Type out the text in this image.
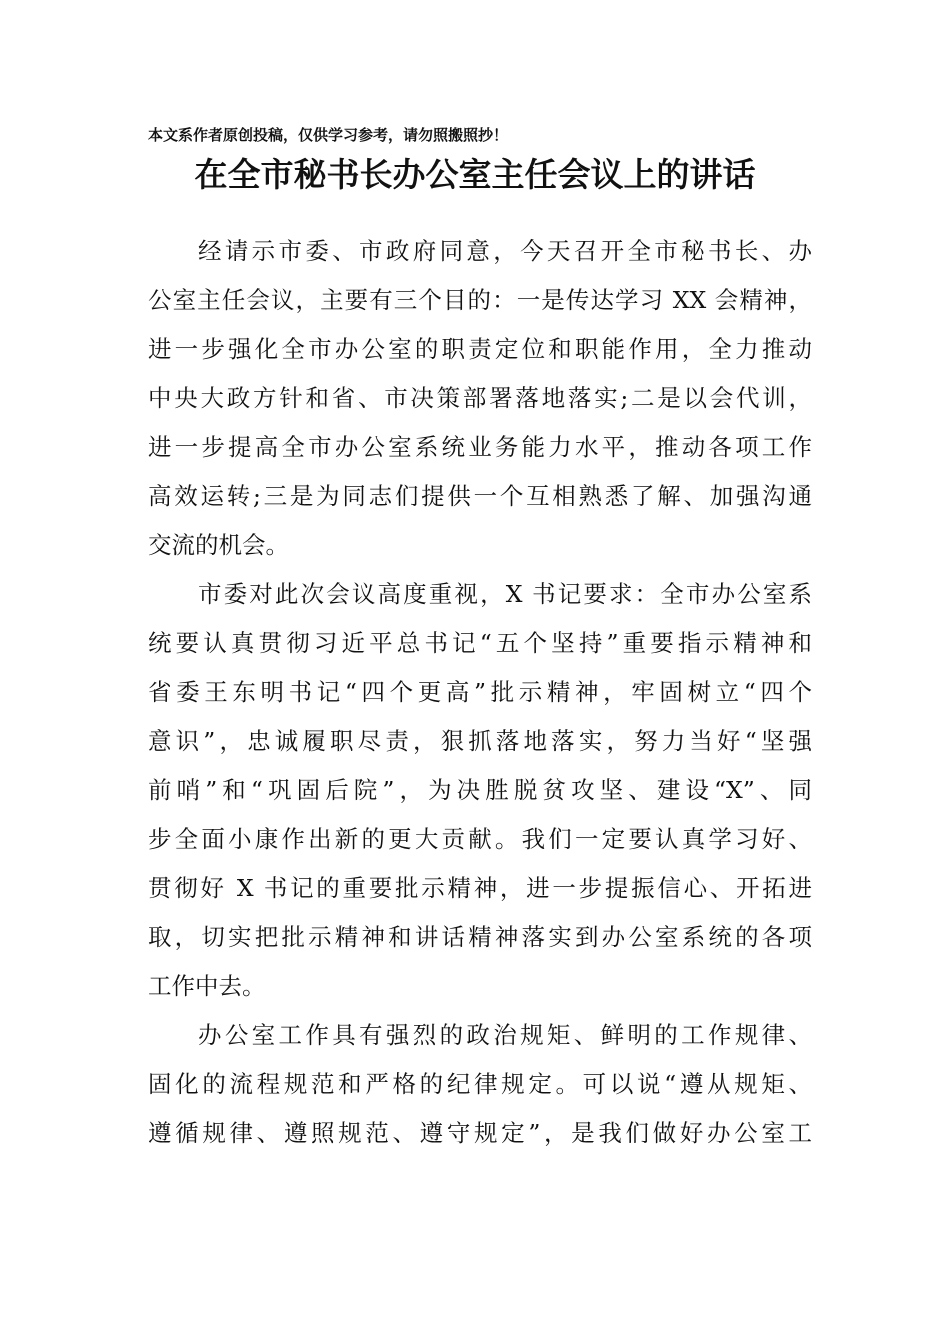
本文系作者原创投稿，仅供学习参考，请勿照搬照抄！
在全市秘书长办公室主任会议上的讲话
经请示市委、市政府同意，今天召开全市秘书长、办
公室主任会议，主要有三个目的：一是传达学习 XX 会精神，
进一步强化全市办公室的职责定位和职能作用，全力推动
中央大政方针和省、市决策部署落地落实;二是以会代训，
进一步提高全市办公室系统业务能力水平，推动各项工作
高效运转;三是为同志们提供一个互相熟悉了解、加强沟通
交流的机会。
市委对此次会议高度重视，X 书记要求：全市办公室系
统要认真贯彻习近平总书记“五个坚持”重要指示精神和
省委王东明书记“四个更高”批示精神，牢固树立“四个
意识”，忠诚履职尽责，狠抓落地落实，努力当好“坚强
前哨”和“巩固后院”，为决胜脱贫攻坚、建设“X”、同
步全面小康作出新的更大贡献。我们一定要认真学习好、
贯彻好 X 书记的重要批示精神，进一步提振信心、开拓进
取，切实把批示精神和讲话精神落实到办公室系统的各项
工作中去。
办公室工作具有强烈的政治规矩、鲜明的工作规律、
固化的流程规范和严格的纪律规定。可以说“遵从规矩、
遵循规律、遵照规范、遵守规定”，是我们做好办公室工
